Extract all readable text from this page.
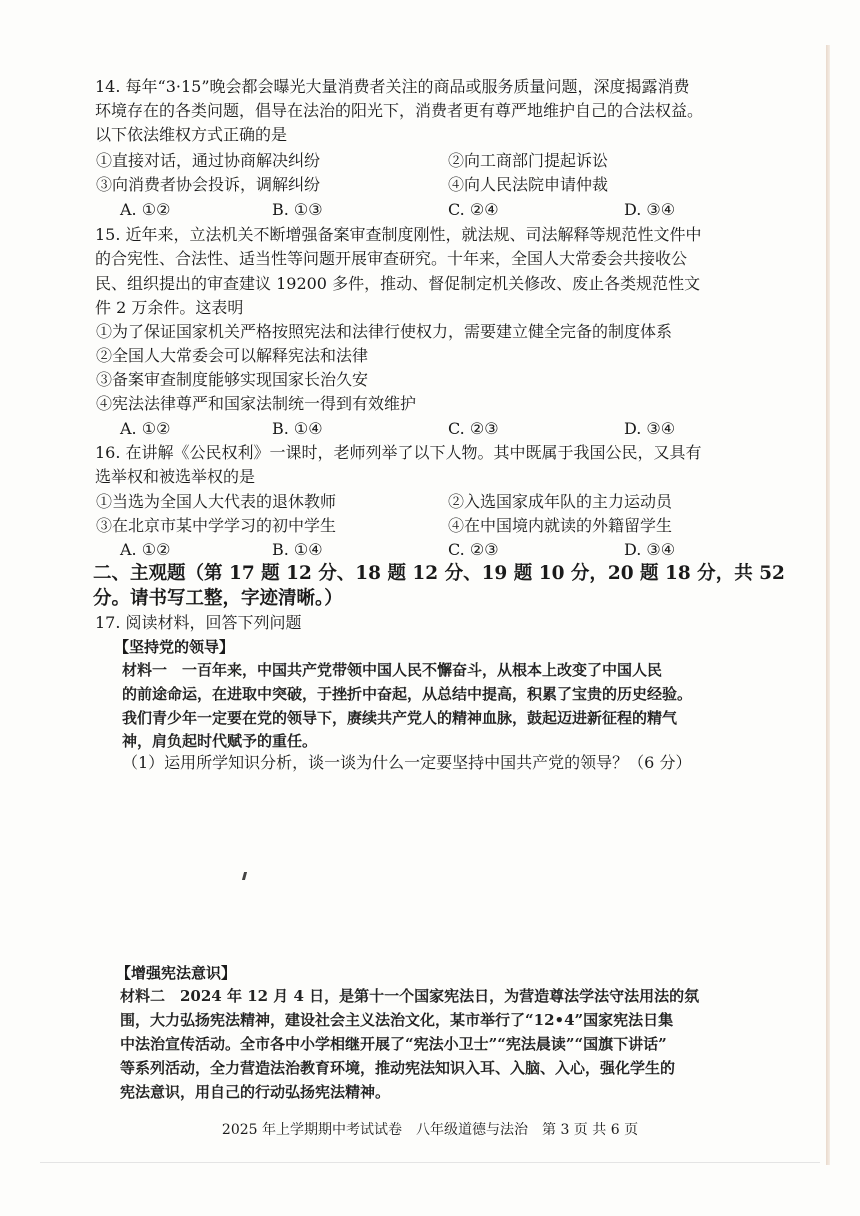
14. 每年“3·15”晚会都会曝光大量消费者关注的商品或服务质量问题，深度揭露消费
环境存在的各类问题，倡导在法治的阳光下，消费者更有尊严地维护自己的合法权益。
以下依法维权方式正确的是
①直接对话，通过协商解决纠纷	②向工商部门提起诉讼
③向消费者协会投诉，调解纠纷	④向人民法院申请仲裁
A. ①②	B. ①③	C. ②④	D. ③④
15. 近年来，立法机关不断增强备案审查制度刚性，就法规、司法解释等规范性文件中
的合宪性、合法性、适当性等问题开展审查研究。十年来，全国人大常委会共接收公
民、组织提出的审查建议 19200 多件，推动、督促制定机关修改、废止各类规范性文
件 2 万余件。这表明
①为了保证国家机关严格按照宪法和法律行使权力，需要建立健全完备的制度体系
②全国人大常委会可以解释宪法和法律
③备案审查制度能够实现国家长治久安
④宪法法律尊严和国家法制统一得到有效维护
A. ①②	B. ①④	C. ②③	D. ③④
16. 在讲解《公民权利》一课时，老师列举了以下人物。其中既属于我国公民，又具有
选举权和被选举权的是
①当选为全国人大代表的退休教师	②入选国家成年队的主力运动员
③在北京市某中学学习的初中学生	④在中国境内就读的外籍留学生
A. ①②	B. ①④	C. ②③	D. ③④
二、主观题（第 17 题 12 分、18 题 12 分、19 题 10 分，20 题 18 分，共 52
分。请书写工整，字迹清晰。）
17. 阅读材料，回答下列问题
【坚持党的领导】
材料一　一百年来，中国共产党带领中国人民不懈奋斗，从根本上改变了中国人民
的前途命运，在进取中突破，于挫折中奋起，从总结中提高，积累了宝贵的历史经验。
我们青少年一定要在党的领导下，赓续共产党人的精神血脉，鼓起迈进新征程的精气
神，肩负起时代赋予的重任。
（1）运用所学知识分析，谈一谈为什么一定要坚持中国共产党的领导？（6 分）
【增强宪法意识】
材料二　2024 年 12 月 4 日，是第十一个国家宪法日，为营造尊法学法守法用法的氛
围，大力弘扬宪法精神，建设社会主义法治文化，某市举行了“12•4”国家宪法日集
中法治宣传活动。全市各中小学相继开展了“宪法小卫士”“宪法晨读”“国旗下讲话”
等系列活动，全力营造法治教育环境，推动宪法知识入耳、入脑、入心，强化学生的
宪法意识，用自己的行动弘扬宪法精神。
2025 年上学期期中考试试卷　八年级道德与法治　第 3 页 共 6 页
